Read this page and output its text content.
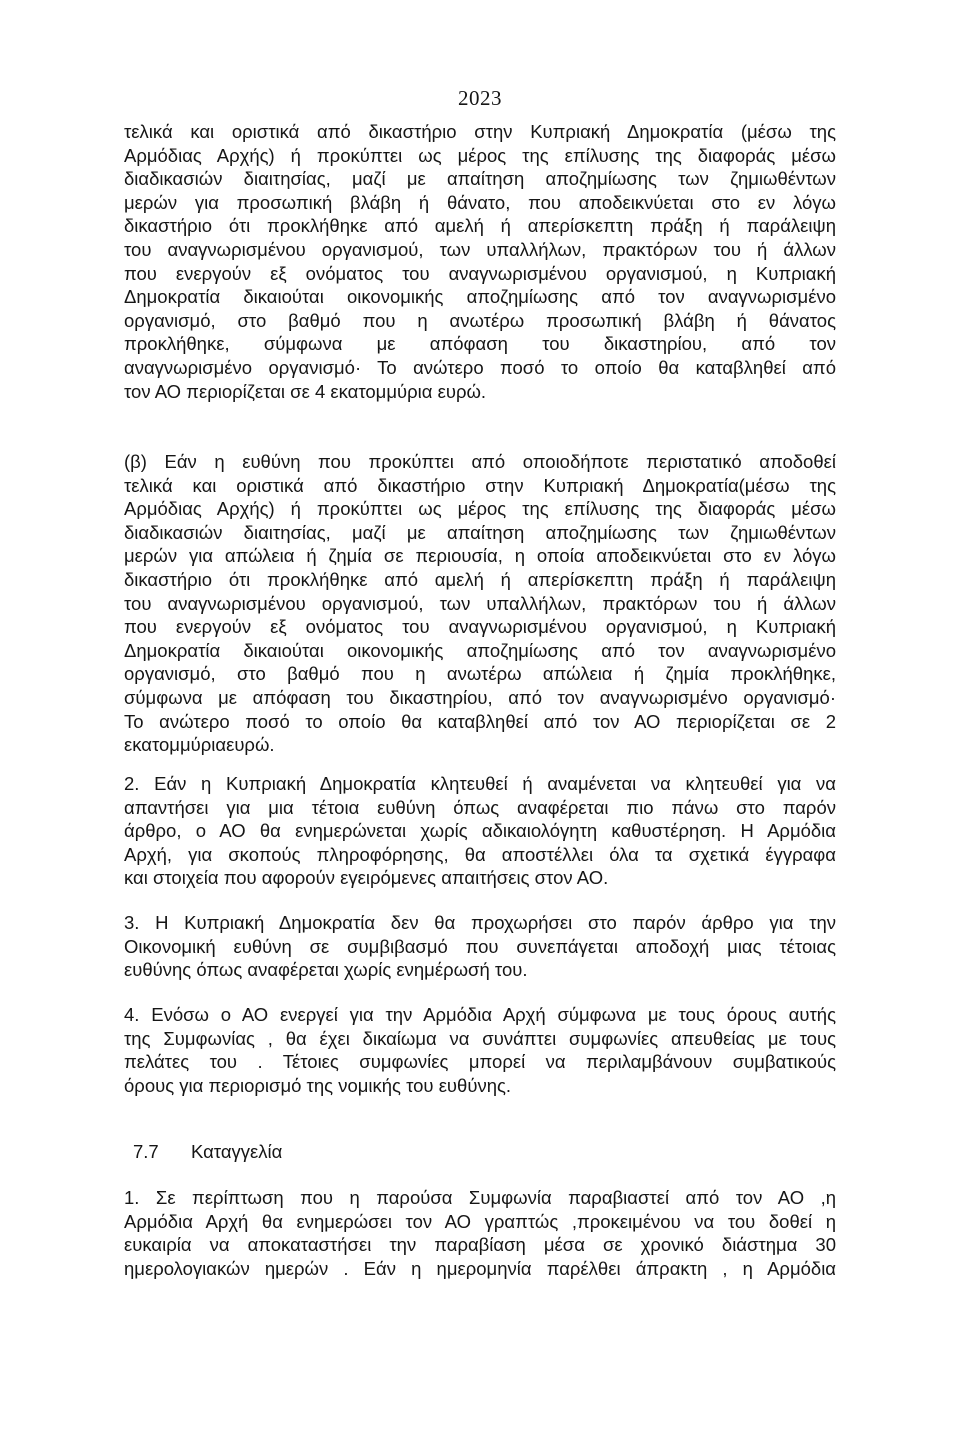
2023
τελικά και οριστικά από δικαστήριο στην Κυπριακή Δημοκρατία (μέσω της
Αρμόδιας Αρχής) ή προκύπτει ως μέρος της επίλυσης της διαφοράς μέσω
διαδικασιών διαιτησίας, μαζί με απαίτηση αποζημίωσης των ζημιωθέντων
μερών για προσωπική βλάβη ή θάνατο, που αποδεικνύεται στο εν λόγω
δικαστήριο ότι προκλήθηκε από αμελή ή απερίσκεπτη πράξη ή παράλειψη
του αναγνωρισμένου οργανισμού, των υπαλλήλων, πρακτόρων του ή άλλων
που ενεργούν εξ ονόματος του αναγνωρισμένου οργανισμού, η Κυπριακή
Δημοκρατία δικαιούται οικονομικής αποζημίωσης από τον αναγνωρισμένο
οργανισμό, στο βαθμό που η ανωτέρω προσωπική βλάβη ή θάνατος
προκλήθηκε, σύμφωνα με απόφαση του δικαστηρίου, από τον
αναγνωρισμένο οργανισμό· Το ανώτερο ποσό το οποίο θα καταβληθεί από
τον ΑΟ περιορίζεται σε 4 εκατομμύρια ευρώ.
(β) Εάν η ευθύνη που προκύπτει από οποιοδήποτε περιστατικό αποδοθεί
τελικά και οριστικά από δικαστήριο στην Κυπριακή Δημοκρατία(μέσω της
Αρμόδιας Αρχής) ή προκύπτει ως μέρος της επίλυσης της διαφοράς μέσω
διαδικασιών διαιτησίας, μαζί με απαίτηση αποζημίωσης των ζημιωθέντων
μερών για απώλεια ή ζημία σε περιουσία, η οποία αποδεικνύεται στο εν λόγω
δικαστήριο ότι προκλήθηκε από αμελή ή απερίσκεπτη πράξη ή παράλειψη
του αναγνωρισμένου οργανισμού, των υπαλλήλων, πρακτόρων του ή άλλων
που ενεργούν εξ ονόματος του αναγνωρισμένου οργανισμού, η Κυπριακή
Δημοκρατία δικαιούται οικονομικής αποζημίωσης από τον αναγνωρισμένο
οργανισμό, στο βαθμό που η ανωτέρω απώλεια ή ζημία προκλήθηκε,
σύμφωνα με απόφαση του δικαστηρίου, από τον αναγνωρισμένο οργανισμό·
Το ανώτερο ποσό το οποίο θα καταβληθεί από τον ΑΟ περιορίζεται σε 2
εκατομμύριαευρώ.
2. Εάν η Κυπριακή Δημοκρατία κλητευθεί ή αναμένεται να κλητευθεί για να
απαντήσει για μια τέτοια ευθύνη όπως αναφέρεται πιο πάνω στο παρόν
άρθρο, ο ΑΟ θα ενημερώνεται χωρίς αδικαιολόγητη καθυστέρηση. Η Αρμόδια
Αρχή, για σκοπούς πληροφόρησης, θα αποστέλλει όλα τα σχετικά έγγραφα
και στοιχεία που αφορούν εγειρόμενες απαιτήσεις στον ΑΟ.
3. Η Κυπριακή Δημοκρατία δεν θα προχωρήσει στο παρόν άρθρο για την
Οικονομική ευθύνη σε συμβιβασμό που συνεπάγεται αποδοχή μιας τέτοιας
ευθύνης όπως αναφέρεται χωρίς ενημέρωσή του.
4. Ενόσω ο ΑΟ ενεργεί για την Αρμόδια Αρχή σύμφωνα με τους όρους αυτής
της Συμφωνίας , θα έχει δικαίωμα να συνάπτει συμφωνίες απευθείας με τους
πελάτες του . Τέτοιες συμφωνίες μπορεί να περιλαμβάνουν συμβατικούς
όρους για περιορισμό της νομικής του ευθύνης.
7.7 Καταγγελία
1. Σε περίπτωση που η παρούσα Συμφωνία παραβιαστεί από τον ΑΟ ,η
Αρμόδια Αρχή θα ενημερώσει τον ΑΟ γραπτώς ,προκειμένου να του δοθεί η
ευκαιρία να αποκαταστήσει την παραβίαση μέσα σε χρονικό διάστημα 30
ημερολογιακών ημερών . Εάν η ημερομηνία παρέλθει άπρακτη , η Αρμόδια
